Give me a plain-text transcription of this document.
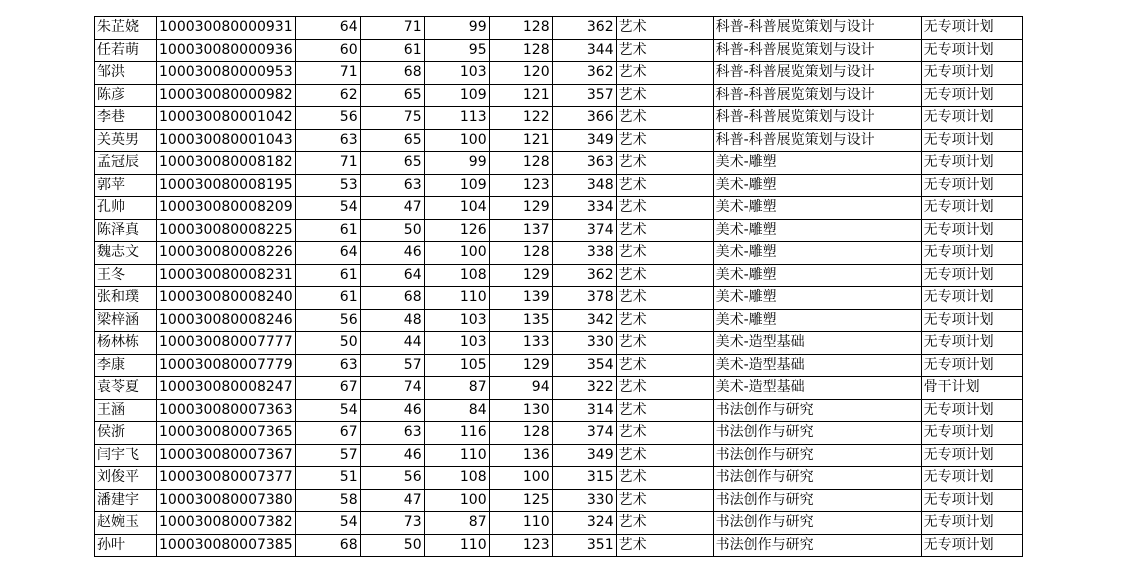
朱芷娆	100030080000931	64	71	99	128	362	艺术	科普-科普展览策划与设计	无专项计划
任若萌	100030080000936	60	61	95	128	344	艺术	科普-科普展览策划与设计	无专项计划
邹洪	100030080000953	71	68	103	120	362	艺术	科普-科普展览策划与设计	无专项计划
陈彦	100030080000982	62	65	109	121	357	艺术	科普-科普展览策划与设计	无专项计划
李巷	100030080001042	56	75	113	122	366	艺术	科普-科普展览策划与设计	无专项计划
关英男	100030080001043	63	65	100	121	349	艺术	科普-科普展览策划与设计	无专项计划
孟冠辰	100030080008182	71	65	99	128	363	艺术	美术-雕塑	无专项计划
郭苹	100030080008195	53	63	109	123	348	艺术	美术-雕塑	无专项计划
孔帅	100030080008209	54	47	104	129	334	艺术	美术-雕塑	无专项计划
陈泽真	100030080008225	61	50	126	137	374	艺术	美术-雕塑	无专项计划
魏志文	100030080008226	64	46	100	128	338	艺术	美术-雕塑	无专项计划
王冬	100030080008231	61	64	108	129	362	艺术	美术-雕塑	无专项计划
张和璞	100030080008240	61	68	110	139	378	艺术	美术-雕塑	无专项计划
梁梓涵	100030080008246	56	48	103	135	342	艺术	美术-雕塑	无专项计划
杨林栋	100030080007777	50	44	103	133	330	艺术	美术-造型基础	无专项计划
李康	100030080007779	63	57	105	129	354	艺术	美术-造型基础	无专项计划
袁苓夏	100030080008247	67	74	87	94	322	艺术	美术-造型基础	骨干计划
王涵	100030080007363	54	46	84	130	314	艺术	书法创作与研究	无专项计划
侯浙	100030080007365	67	63	116	128	374	艺术	书法创作与研究	无专项计划
闫宇飞	100030080007367	57	46	110	136	349	艺术	书法创作与研究	无专项计划
刘俊平	100030080007377	51	56	108	100	315	艺术	书法创作与研究	无专项计划
潘建宇	100030080007380	58	47	100	125	330	艺术	书法创作与研究	无专项计划
赵婉玉	100030080007382	54	73	87	110	324	艺术	书法创作与研究	无专项计划
孙叶	100030080007385	68	50	110	123	351	艺术	书法创作与研究	无专项计划
